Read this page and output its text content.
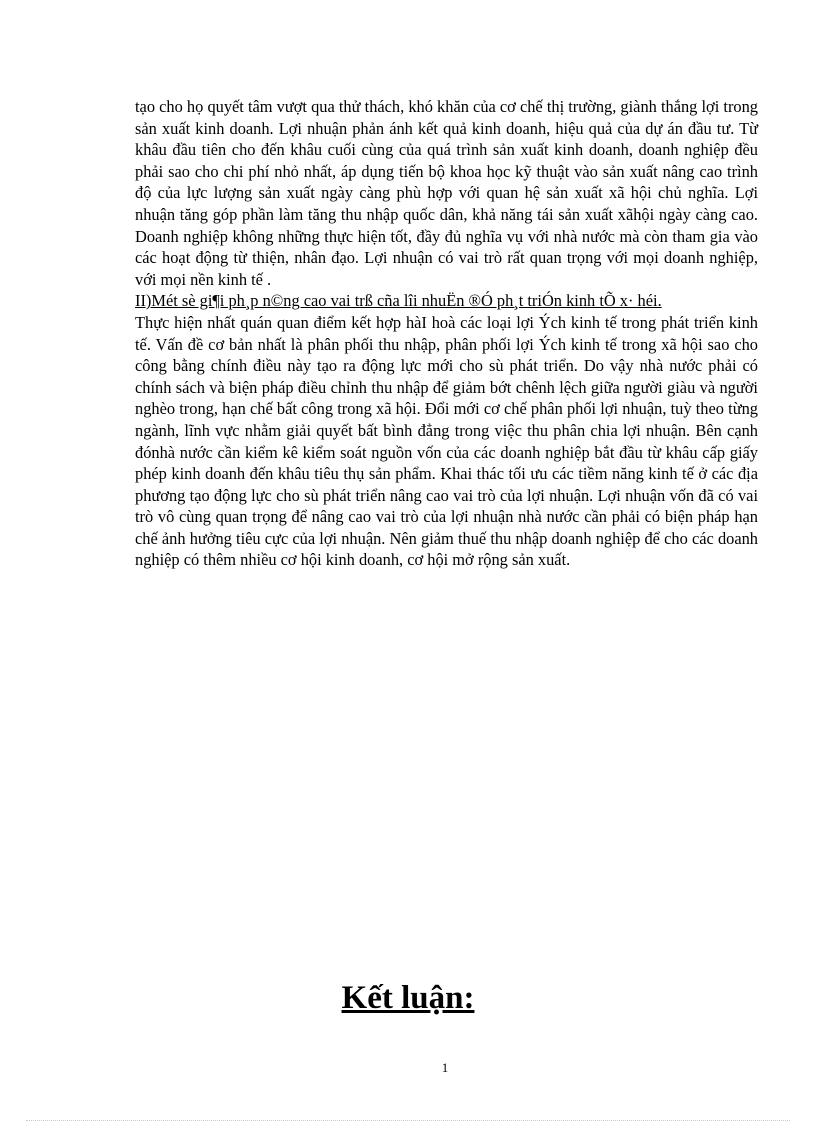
tạo cho họ quyết tâm vượt qua thử thách, khó khăn của cơ chế thị trường, giành thắng lợi trong sản xuất kinh doanh. Lợi nhuận phản ánh kết quả kinh doanh, hiệu quả của dự án đầu tư. Từ khâu đầu tiên cho đến khâu cuối cùng của quá trình sản xuất kinh doanh, doanh nghiệp đều phải sao cho chi phí nhỏ nhất, áp dụng tiến bộ khoa học kỹ thuật vào sản xuất nâng cao trình độ của lực lượng sản xuất ngày càng phù hợp với quan hệ sản xuất xã hội chủ nghĩa. Lợi nhuận tăng góp phần làm tăng thu nhập quốc dân, khả năng tái sản xuất xãhội ngày càng cao. Doanh nghiệp không những thực hiện tốt, đầy đủ nghĩa vụ với nhà nước mà còn tham gia vào các hoạt động từ thiện, nhân đạo. Lợi nhuận có vai trò rất quan trọng với mọi doanh nghiệp, với mọi nền kinh tế .

II)Mét sè gi¶i ph¸p n©ng cao vai trß cña lîi nhuËn ®Ó ph¸t triÓn kinh tÕ x· héi.

Thực hiện nhất quán quan điểm kết hợp hàI hoà các loại lợi Ých kinh tế trong phát triển kinh tế. Vấn đề cơ bản nhất là phân phối thu nhập, phân phối lợi Ých kinh tế trong xã hội sao cho công bằng chính điều này tạo ra động lực mới cho sù phát triển. Do vậy nhà nước phải có chính sách và biện pháp điều chỉnh thu nhập để giảm bớt chênh lệch giữa người giàu và người nghèo trong, hạn chế bất công trong xã hội. Đổi mới cơ chế phân phối lợi nhuận, tuỳ theo từng ngành, lĩnh vực nhằm giải quyết bất bình đẳng trong việc thu phân chia lợi nhuận. Bên cạnh đónhà nước cần kiểm kê kiểm soát nguồn vốn của các doanh nghiệp bắt đầu từ khâu cấp giấy phép kinh doanh đến khâu tiêu thụ sản phẩm. Khai thác tối ưu các tiềm năng kinh tế ở các địa phương tạo động lực cho sù phát triển nâng cao vai trò của lợi nhuận. Lợi nhuận vốn đã có vai trò vô cùng quan trọng để nâng cao vai trò của lợi nhuận nhà nước cần phải có biện pháp hạn chế ảnh hưởng tiêu cực của lợi nhuận. Nên giảm thuế thu nhập doanh nghiệp để cho các doanh nghiệp có thêm nhiều cơ hội kinh doanh, cơ hội mở rộng sản xuất.

Kết luận:
1
